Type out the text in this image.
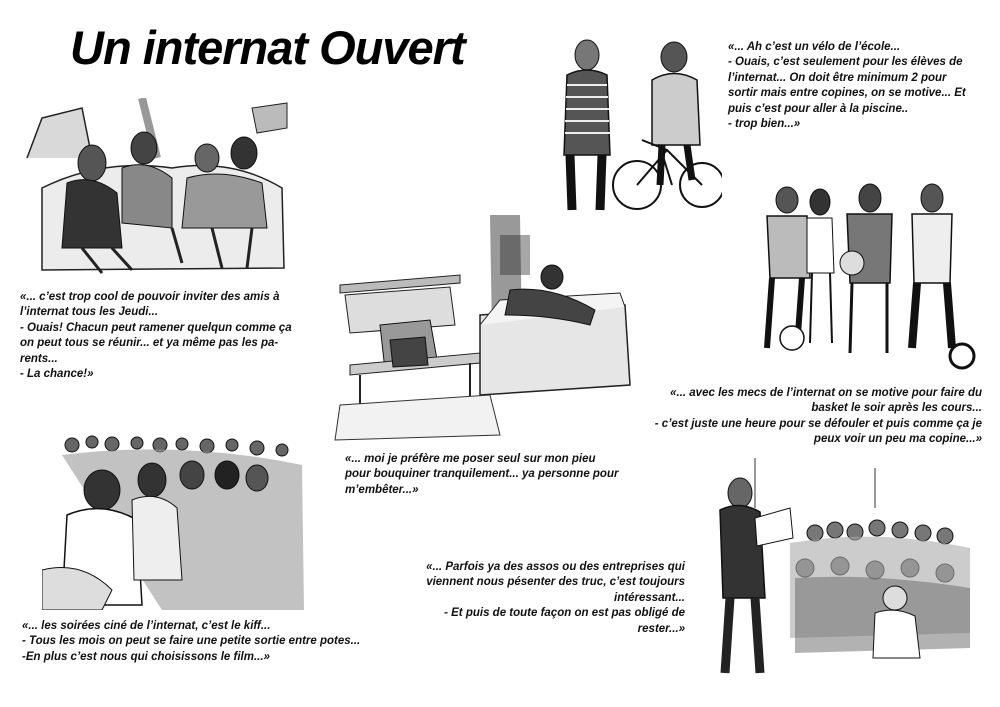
Un internat Ouvert
«... c’est trop cool de pouvoir inviter des amis à
l’internat tous les Jeudi...
- Ouais! Chacun peut ramener quelqun comme ça
on peut tous se réunir... et ya même pas les pa-
rents...
- La chance!»
«... Ah c’est un vélo de l’école...
- Ouais, c’est seulement pour les élèves de
l’internat... On doit être minimum 2 pour
sortir mais entre copines, on se motive... Et
puis c’est pour aller à la piscine..
- trop bien...»
«... moi je préfère me poser seul sur mon pieu
pour bouquiner tranquilement... ya personne pour
m’embêter...»
«... avec les mecs de l’internat on se motive pour faire du
basket le soir après les cours...
- c’est juste une heure pour se défouler et puis comme ça je
peux voir un peu ma copine...»
«... les soirées ciné de l’internat, c’est le kiff...
- Tous les mois on peut se faire une petite sortie entre potes...
-En plus c’est nous qui choisissons le film...»
«... Parfois ya des assos ou des entreprises qui
viennent nous pésenter des truc, c’est toujours
intéressant...
- Et puis de toute façon on est pas obligé de
rester...»
